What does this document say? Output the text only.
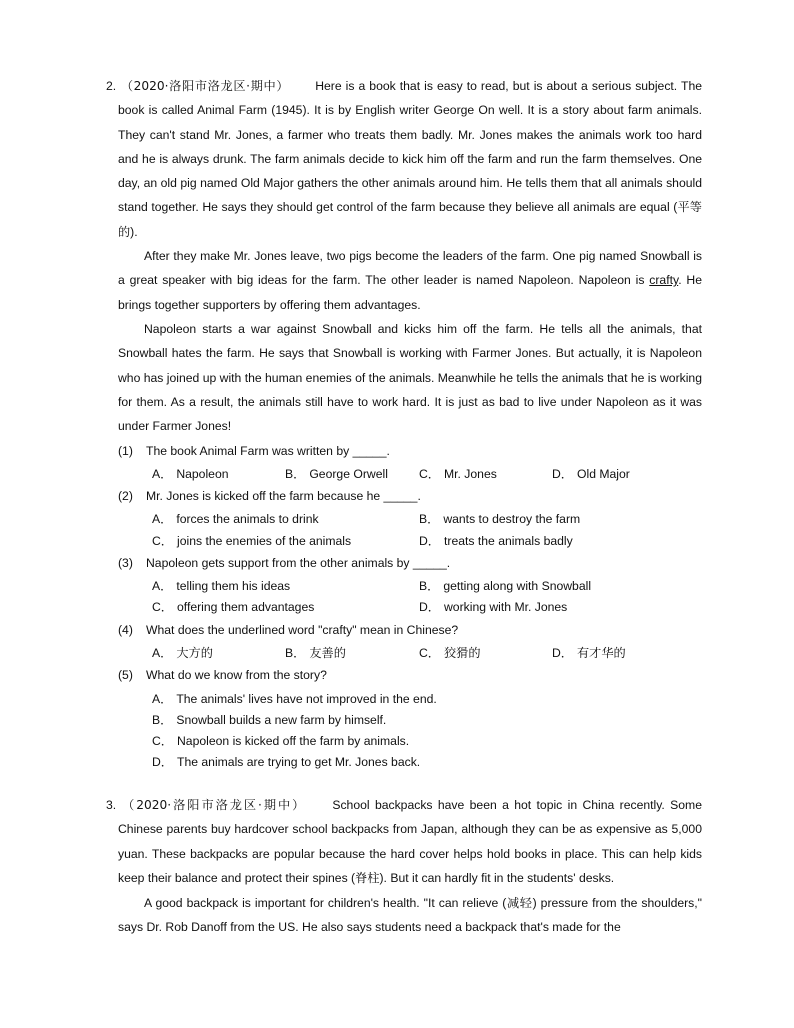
2. （2020·洛阳市洛龙区·期中） Here is a book that is easy to read, but is about a serious subject. The book is called Animal Farm (1945). It is by English writer George On well. It is a story about farm animals. They can't stand Mr. Jones, a farmer who treats them badly. Mr. Jones makes the animals work too hard and he is always drunk. The farm animals decide to kick him off the farm and run the farm themselves. One day, an old pig named Old Major gathers the other animals around him. He tells them that all animals should stand together. He says they should get control of the farm because they believe all animals are equal (平等的).

After they make Mr. Jones leave, two pigs become the leaders of the farm. One pig named Snowball is a great speaker with big ideas for the farm. The other leader is named Napoleon. Napoleon is crafty. He brings together supporters by offering them advantages.

Napoleon starts a war against Snowball and kicks him off the farm. He tells all the animals, that Snowball hates the farm. He says that Snowball is working with Farmer Jones. But actually, it is Napoleon who has joined up with the human enemies of the animals. Meanwhile he tells the animals that he is working for them. As a result, the animals still have to work hard. It is just as bad to live under Napoleon as it was under Farmer Jones!

(1) The book Animal Farm was written by _____.
A． Napoleon	B． George Orwell	C． Mr. Jones	D． Old Major
(2) Mr. Jones is kicked off the farm because he _____.
A． forces the animals to drink	B． wants to destroy the farm
C． joins the enemies of the animals	D． treats the animals badly
(3) Napoleon gets support from the other animals by _____.
A． telling them his ideas	B． getting along with Snowball
C． offering them advantages	D． working with Mr. Jones
(4) What does the underlined word "crafty" mean in Chinese?
A． 大方的	B． 友善的	C． 狡猾的	D． 有才华的
(5) What do we know from the story?
A． The animals' lives have not improved in the end.
B． Snowball builds a new farm by himself.
C． Napoleon is kicked off the farm by animals.
D． The animals are trying to get Mr. Jones back.

3. （2020·洛阳市洛龙区·期中） School backpacks have been a hot topic in China recently. Some Chinese parents buy hardcover school backpacks from Japan, although they can be as expensive as 5,000 yuan. These backpacks are popular because the hard cover helps hold books in place. This can help kids keep their balance and protect their spines (脊柱). But it can hardly fit in the students' desks.

A good backpack is important for children's health. "It can relieve (减轻) pressure from the shoulders," says Dr. Rob Danoff from the US. He also says students need a backpack that's made for the
